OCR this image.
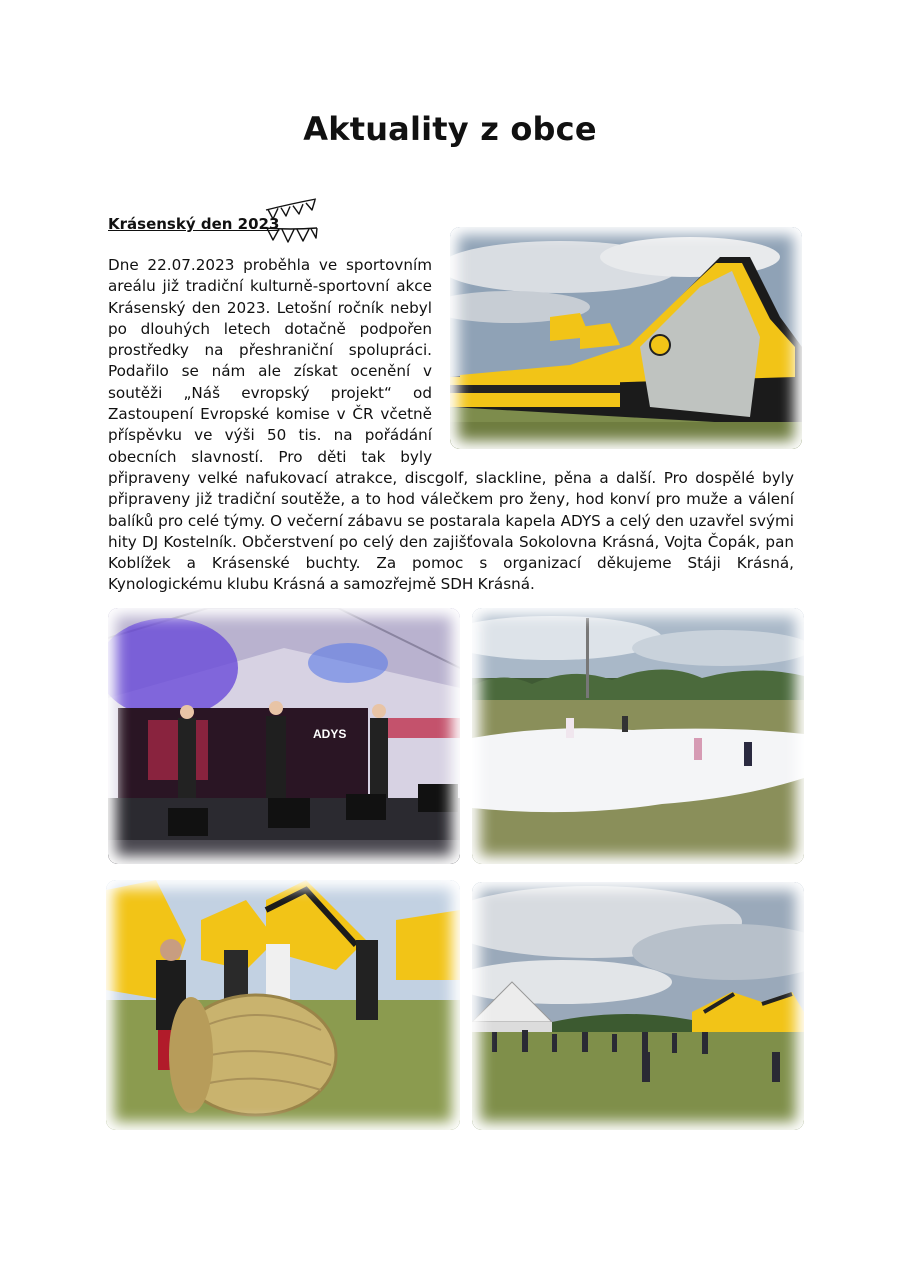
Aktuality z obce
Krásenský den 2023
Dne 22.07.2023 proběhla ve sportovním areálu již tradiční kulturně-sportovní akce Krásenský den 2023. Letošní ročník nebyl po dlouhých letech dotačně podpořen prostředky na přeshraniční spolupráci. Podařilo se nám ale získat ocenění v soutěži „Náš evropský projekt“ od Zastoupení Evropské komise v ČR včetně příspěvku ve výši 50 tis. na pořádání obecních slavností. Pro děti tak byly připraveny velké nafukovací atrakce, discgolf, slackline, pěna a další. Pro dospělé byly připraveny již tradiční soutěže, a to hod válečkem pro ženy, hod konví pro muže a válení balíků pro celé týmy. O večerní zábavu se postarala kapela ADYS a celý den uzavřel svými hity DJ Kostelník. Občerstvení po celý den zajišťovala Sokolovna Krásná, Vojta Čopák, pan Koblížek a Krásenské buchty. Za pomoc s organizací děkujeme Stáji Krásná, Kynologickému klubu Krásná a samozřejmě SDH Krásná.
ADYS
